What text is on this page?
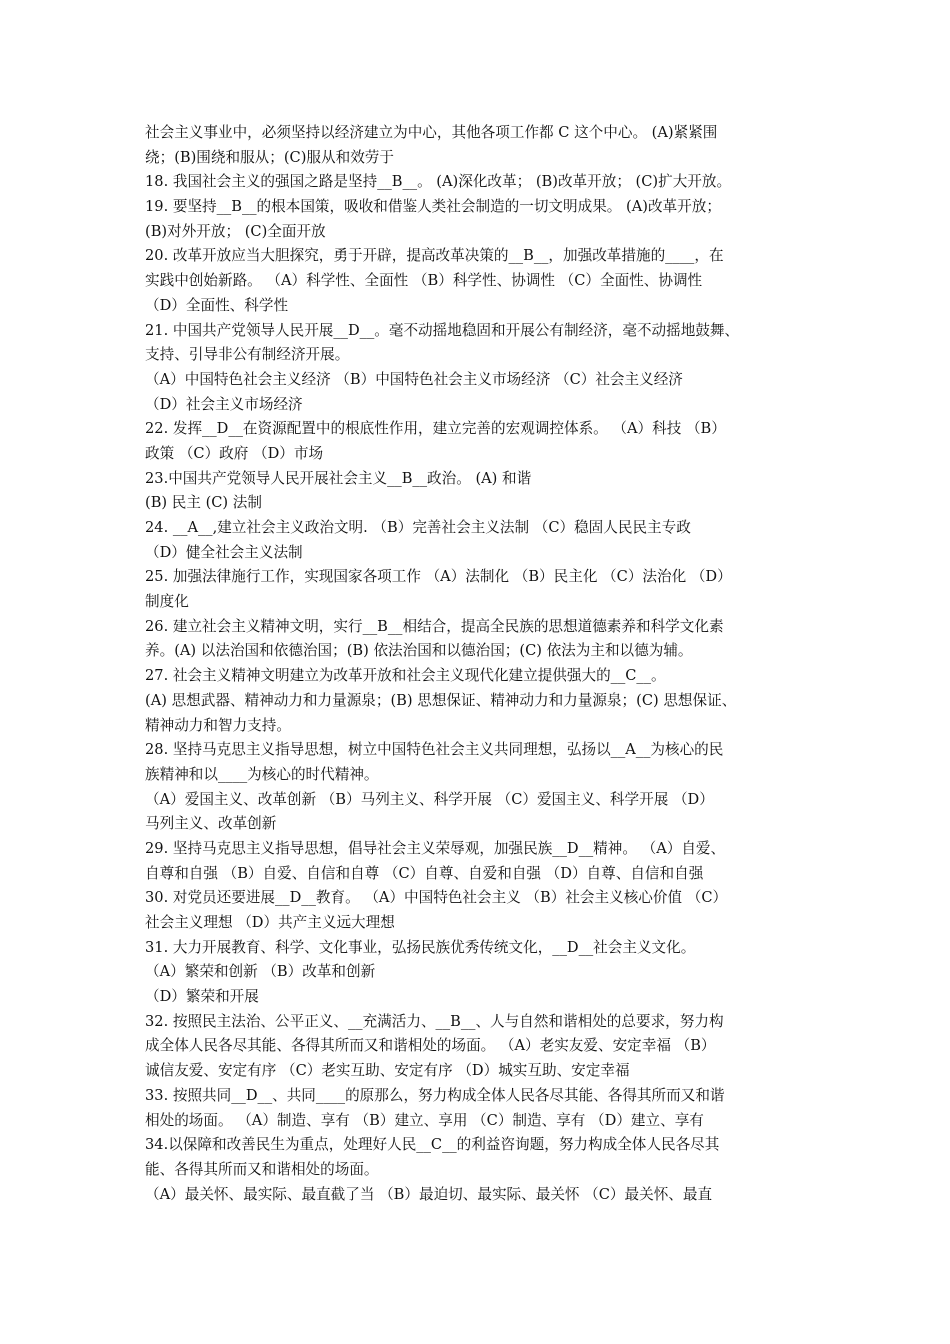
社会主义事业中，必须坚持以经济建立为中心，其他各项工作都 C 这个中心。 (A)紧紧围
绕；(B)围绕和服从；(C)服从和效劳于
18. 我国社会主义的强国之路是坚持__B__。 (A)深化改革； (B)改革开放； (C)扩大开放。
19. 要坚持__B__的根本国策，吸收和借鉴人类社会制造的一切文明成果。 (A)改革开放；
(B)对外开放； (C)全面开放
20. 改革开放应当大胆探究，勇于开辟，提高改革决策的__B__，加强改革措施的____，在
实践中创始新路。 （A）科学性、全面性 （B）科学性、协调性 （C）全面性、协调性
（D）全面性、科学性
21. 中国共产党领导人民开展__D__。毫不动摇地稳固和开展公有制经济，毫不动摇地鼓舞、
支持、引导非公有制经济开展。
（A）中国特色社会主义经济 （B）中国特色社会主义市场经济 （C）社会主义经济
（D）社会主义市场经济
22. 发挥__D__在资源配置中的根底性作用，建立完善的宏观调控体系。 （A）科技 （B）
政策 （C）政府 （D）市场
23.中国共产党领导人民开展社会主义__B__政治。 (A) 和谐
(B) 民主 (C) 法制
24. __A__,建立社会主义政治文明. （B）完善社会主义法制 （C）稳固人民民主专政
（D）健全社会主义法制
25. 加强法律施行工作，实现国家各项工作 （A）法制化 （B）民主化 （C）法治化 （D）
制度化
26. 建立社会主义精神文明，实行__B__相结合，提高全民族的思想道德素养和科学文化素
养。(A) 以法治国和依德治国；(B) 依法治国和以德治国；(C) 依法为主和以德为辅。
27. 社会主义精神文明建立为改革开放和社会主义现代化建立提供强大的__C__。
(A) 思想武器、精神动力和力量源泉；(B) 思想保证、精神动力和力量源泉；(C) 思想保证、
精神动力和智力支持。
28. 坚持马克思主义指导思想，树立中国特色社会主义共同理想，弘扬以__A__为核心的民
族精神和以____为核心的时代精神。
（A）爱国主义、改革创新 （B）马列主义、科学开展 （C）爱国主义、科学开展 （D）
马列主义、改革创新
29. 坚持马克思主义指导思想，倡导社会主义荣辱观，加强民族__D__精神。 （A）自爱、
自尊和自强 （B）自爱、自信和自尊 （C）自尊、自爱和自强 （D）自尊、自信和自强
30. 对党员还要进展__D__教育。 （A）中国特色社会主义 （B）社会主义核心价值 （C）
社会主义理想 （D）共产主义远大理想
31. 大力开展教育、科学、文化事业，弘扬民族优秀传统文化，__D__社会主义文化。
（A）繁荣和创新 （B）改革和创新
（D）繁荣和开展
32. 按照民主法治、公平正义、__充满活力、__B__、人与自然和谐相处的总要求，努力构
成全体人民各尽其能、各得其所而又和谐相处的场面。 （A）老实友爱、安定幸福 （B）
诚信友爱、安定有序 （C）老实互助、安定有序 （D）城实互助、安定幸福
33. 按照共同__D__、共同____的原那么，努力构成全体人民各尽其能、各得其所而又和谐
相处的场面。 （A）制造、享有 （B）建立、享用 （C）制造、享有 （D）建立、享有
34.以保障和改善民生为重点，处理好人民__C__的利益咨询题，努力构成全体人民各尽其
能、各得其所而又和谐相处的场面。
（A）最关怀、最实际、最直截了当 （B）最迫切、最实际、最关怀 （C）最关怀、最直
